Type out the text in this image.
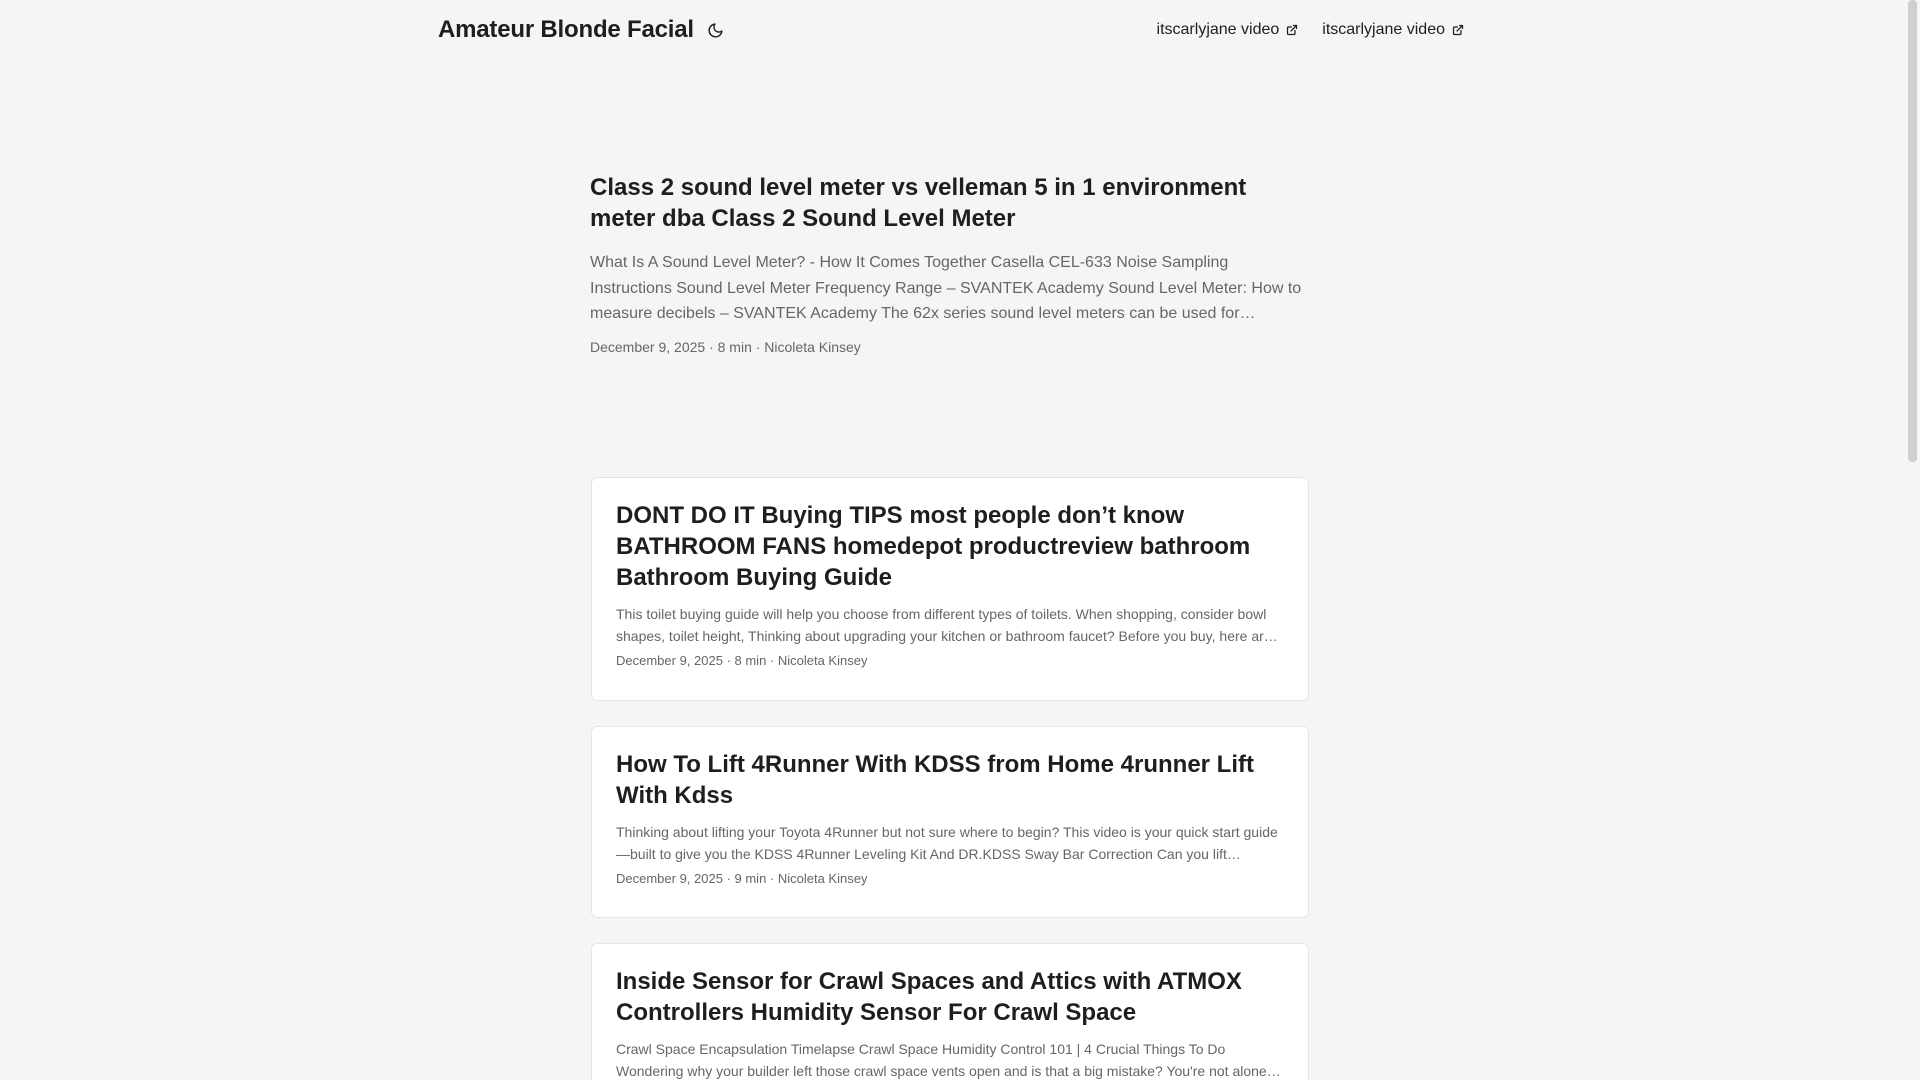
Amateur Blonde Facial	itscarlyjane video	itscarlyjane video
Class 2 sound level meter vs velleman 5 in 1 environment meter dba Class 2 Sound Level Meter
What Is A Sound Level Meter? - How It Comes Together Casella CEL-633 Noise Sampling Instructions Sound Level Meter Frequency Range – SVANTEK Academy Sound Level Meter: How to measure decibels – SVANTEK Academy The 62x series sound level meters can be used for
December 9, 2025 · 8 min · Nicoleta Kinsey
DONT DO IT Buying TIPS most people don’t know BATHROOM FANS homedepot productreview bathroom Bathroom Buying Guide
This toilet buying guide will help you choose from different types of toilets. When shopping, consider bowl shapes, toilet height, Thinking about upgrading your kitchen or bathroom faucet? Before you buy, here are
December 9, 2025 · 8 min · Nicoleta Kinsey
How To Lift 4Runner With KDSS from Home 4runner Lift With Kdss
Thinking about lifting your Toyota 4Runner but not sure where to begin? This video is your quick start guide—built to give you the KDSS 4Runner Leveling Kit And DR.KDSS Sway Bar Correction Can you lift
December 9, 2025 · 9 min · Nicoleta Kinsey
Inside Sensor for Crawl Spaces and Attics with ATMOX Controllers Humidity Sensor For Crawl Space
Crawl Space Encapsulation Timelapse Crawl Space Humidity Control 101 | 4 Crucial Things To Do Wondering why your builder left those crawl space vents open and is that a big mistake? You're not alone.
